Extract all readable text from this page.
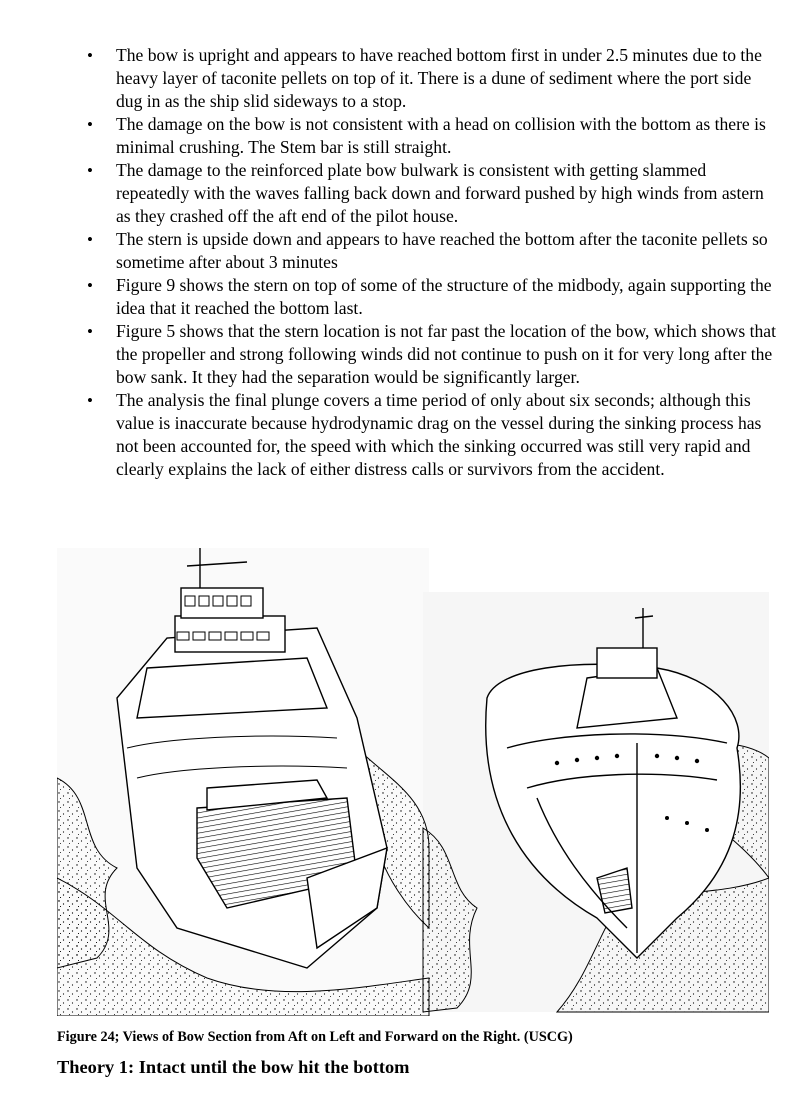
• The bow is upright and appears to have reached bottom first in under 2.5 minutes due to the heavy layer of taconite pellets on top of it. There is a dune of sediment where the port side dug in as the ship slid sideways to a stop.
• The damage on the bow is not consistent with a head on collision with the bottom as there is minimal crushing. The Stem bar is still straight.
• The damage to the reinforced plate bow bulwark is consistent with getting slammed repeatedly with the waves falling back down and forward pushed by high winds from astern as they crashed off the aft end of the pilot house.
• The stern is upside down and appears to have reached the bottom after the taconite pellets so sometime after about 3 minutes
• Figure 9 shows the stern on top of some of the structure of the midbody, again supporting the idea that it reached the bottom last.
• Figure 5 shows that the stern location is not far past the location of the bow, which shows that the propeller and strong following winds did not continue to push on it for very long after the bow sank. It they had the separation would be significantly larger.
• The analysis the final plunge covers a time period of only about six seconds; although this value is inaccurate because hydrodynamic drag on the vessel during the sinking process has not been accounted for, the speed with which the sinking occurred was still very rapid and clearly explains the lack of either distress calls or survivors from the accident.
Figure 24; Views of Bow Section from Aft on Left and Forward on the Right. (USCG)
Theory 1: Intact until the bow hit the bottom
